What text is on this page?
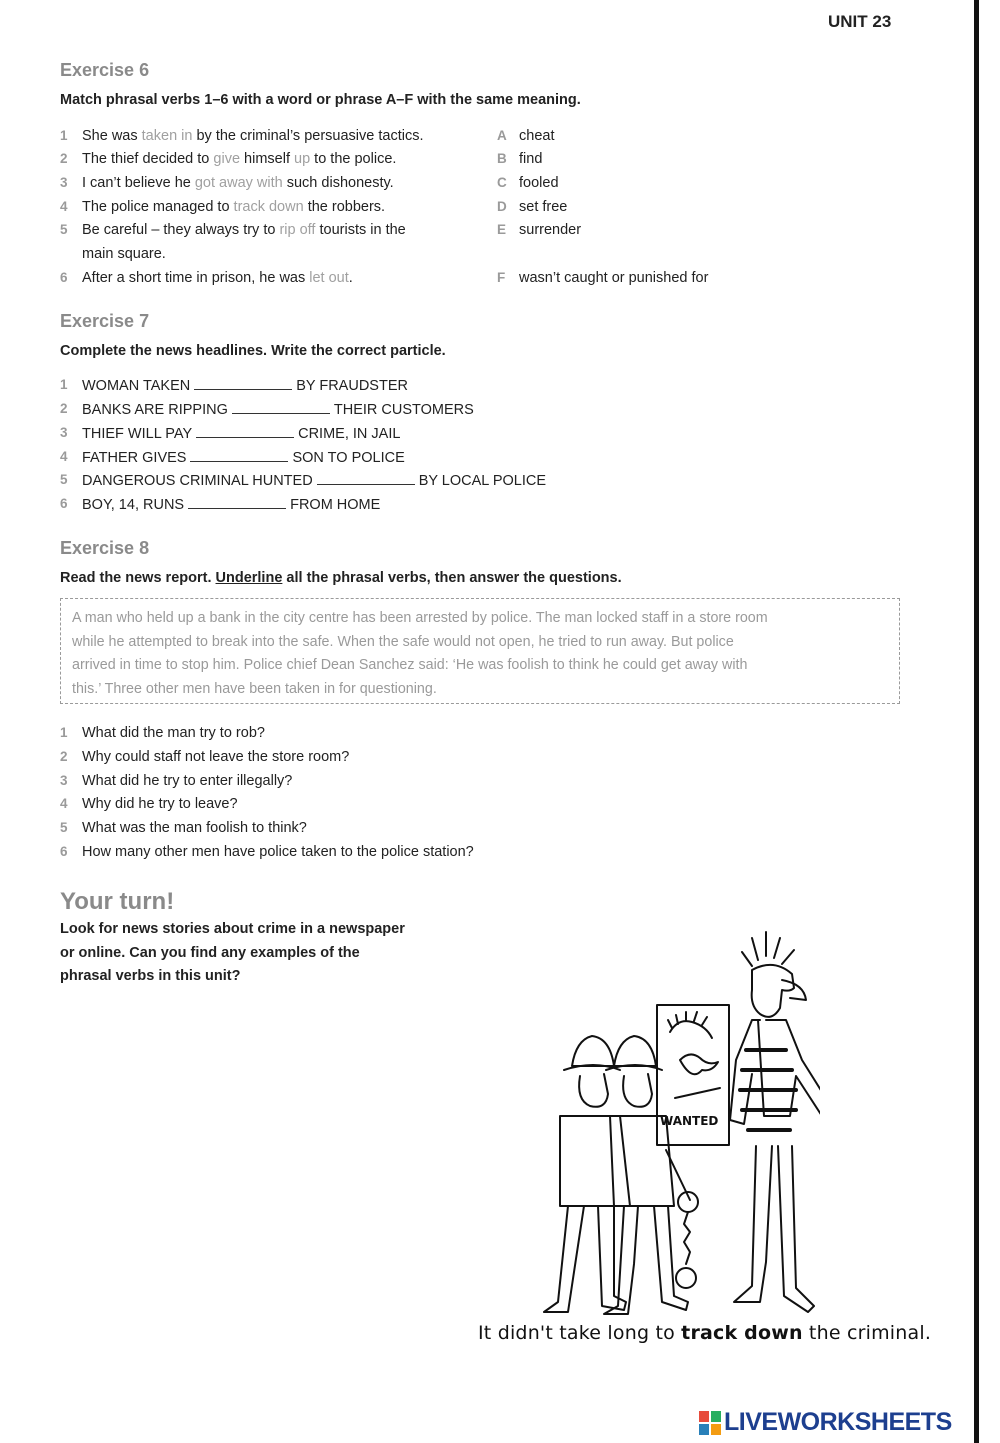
UNIT 23
Exercise 6
Match phrasal verbs 1–6 with a word or phrase A–F with the same meaning.
1 She was taken in by the criminal’s persuasive tactics.	A cheat
2 The thief decided to give himself up to the police.	B find
3 I can’t believe he got away with such dishonesty.	C fooled
4 The police managed to track down the robbers.	D set free
5 Be careful – they always try to rip off tourists in the	E surrender
main square.
6 After a short time in prison, he was let out.	F wasn’t caught or punished for
Exercise 7
Complete the news headlines. Write the correct particle.
1 WOMAN TAKEN	BY FRAUDSTER
2 BANKS ARE RIPPING	THEIR CUSTOMERS
3 THIEF WILL PAY	CRIME, IN JAIL
4 FATHER GIVES	SON TO POLICE
5 DANGEROUS CRIMINAL HUNTED	BY LOCAL POLICE
6 BOY, 14, RUNS	FROM HOME
Exercise 8
Read the news report. Underline all the phrasal verbs, then answer the questions.
A man who held up a bank in the city centre has been arrested by police. The man locked staff in a store room
while he attempted to break into the safe. When the safe would not open, he tried to run away. But police
arrived in time to stop him. Police chief Dean Sanchez said: ‘He was foolish to think he could get away with
this.’ Three other men have been taken in for questioning.
1 What did the man try to rob?
2 Why could staff not leave the store room?
3 What did he try to enter illegally?
4 Why did he try to leave?
5 What was the man foolish to think?
6 How many other men have police taken to the police station?
Your turn!
Look for news stories about crime in a newspaper
or online. Can you find any examples of the
phrasal verbs in this unit?
WANTED
It didn't take long to track down the criminal.
LIVEWORKSHEETS
